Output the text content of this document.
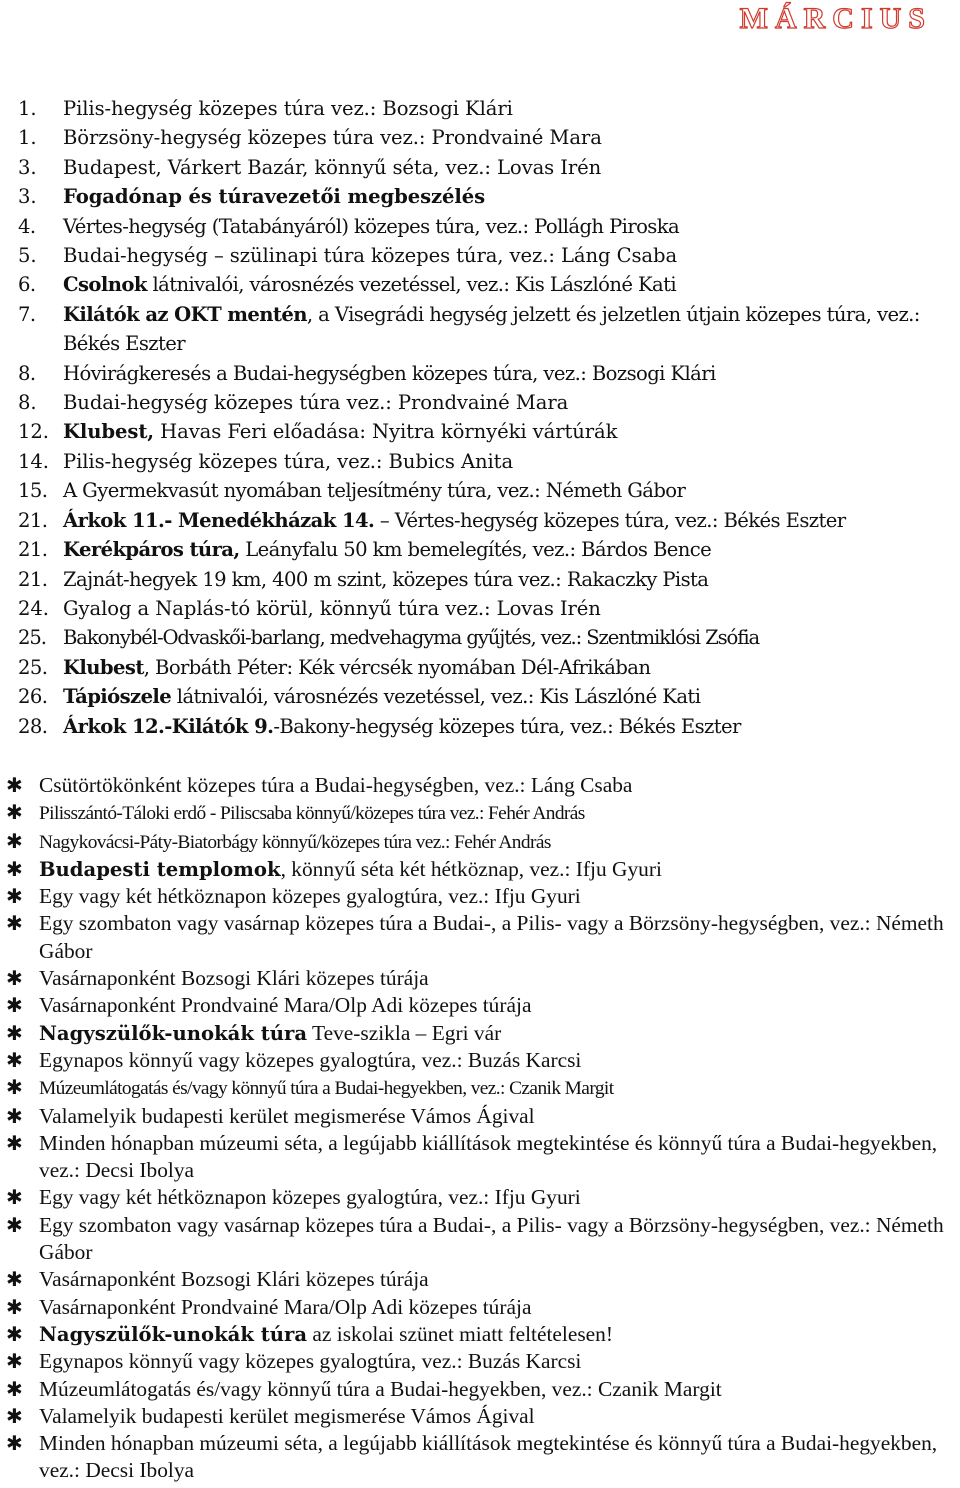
MÁRCIUS
1.	Pilis-hegység közepes túra vez.: Bozsogi Klári
1.	Börzsöny-hegység közepes túra vez.: Prondvainé Mara
3.	Budapest, Várkert Bazár, könnyű séta, vez.: Lovas Irén
3.	Fogadónap és túravezetői megbeszélés
4.	Vértes-hegység (Tatabányáról) közepes túra, vez.: Pollágh Piroska
5.	Budai-hegység – szülinapi túra közepes túra, vez.: Láng Csaba
6.	Csolnok látnivalói, városnézés vezetéssel, vez.: Kis Lászlóné Kati
7.	Kilátók az OKT mentén, a Visegrádi hegység jelzett és jelzetlen útjain közepes túra, vez.: Békés Eszter
8.	Hóvirágkeresés a Budai-hegységben közepes túra, vez.: Bozsogi Klári
8.	Budai-hegység közepes túra vez.: Prondvainé Mara
12. Klubest, Havas Feri előadása: Nyitra környéki vártúrák
14. Pilis-hegység közepes túra, vez.: Bubics Anita
15. A Gyermekvasút nyomában teljesítmény túra, vez.: Németh Gábor
21. Árkok 11.- Menedékházak 14. – Vértes-hegység közepes túra, vez.: Békés Eszter
21. Kerékpáros túra, Leányfalu 50 km bemelegítés, vez.: Bárdos Bence
21. Zajnát-hegyek 19 km, 400 m szint, közepes túra vez.: Rakaczky Pista
24. Gyalog a Naplás-tó körül, könnyű túra vez.: Lovas Irén
25. Bakonybél-Odvaskői-barlang, medvehagyma gyűjtés, vez.: Szentmiklósi Zsófia
25. Klubest, Borbáth Péter: Kék vércsék nyomában Dél-Afrikában
26. Tápiószele látnivalói, városnézés vezetéssel, vez.: Kis Lászlóné Kati
28. Árkok 12.-Kilátók 9.-Bakony-hegység közepes túra, vez.: Békés Eszter
✱ Csütörtökönként közepes túra a Budai-hegységben, vez.: Láng Csaba
✱ Pilisszántó-Táloki erdő - Piliscsaba könnyű/közepes túra vez.: Fehér András
✱ Nagykovácsi-Páty-Biatorbágy könnyű/közepes túra vez.: Fehér András
✱ Budapesti templomok, könnyű séta két hétköznap, vez.: Ifju Gyuri
✱ Egy vagy két hétköznapon közepes gyalogtúra, vez.: Ifju Gyuri
✱ Egy szombaton vagy vasárnap közepes túra a Budai-, a Pilis- vagy a Börzsöny-hegységben, vez.: Németh Gábor
✱ Vasárnaponként Bozsogi Klári közepes túrája
✱ Vasárnaponként Prondvainé Mara/Olp Adi közepes túrája
✱ Nagyszülők-unokák túra Teve-szikla – Egri vár
✱ Egynapos könnyű vagy közepes gyalogtúra, vez.: Buzás Karcsi
✱ Múzeumlátogatás és/vagy könnyű túra a Budai-hegyekben, vez.: Czanik Margit
✱ Valamelyik budapesti kerület megismerése Vámos Ágival
✱ Minden hónapban múzeumi séta, a legújabb kiállítások megtekintése és könnyű túra a Budai-hegyekben, vez.: Decsi Ibolya
✱ Egy vagy két hétköznapon közepes gyalogtúra, vez.: Ifju Gyuri
✱ Egy szombaton vagy vasárnap közepes túra a Budai-, a Pilis- vagy a Börzsöny-hegységben, vez.: Németh Gábor
✱ Vasárnaponként Bozsogi Klári közepes túrája
✱ Vasárnaponként Prondvainé Mara/Olp Adi közepes túrája
✱ Nagyszülők-unokák túra az iskolai szünet miatt feltételesen!
✱ Egynapos könnyű vagy közepes gyalogtúra, vez.: Buzás Karcsi
✱ Múzeumlátogatás és/vagy könnyű túra a Budai-hegyekben, vez.: Czanik Margit
✱ Valamelyik budapesti kerület megismerése Vámos Ágival
✱ Minden hónapban múzeumi séta, a legújabb kiállítások megtekintése és könnyű túra a Budai-hegyekben, vez.: Decsi Ibolya
